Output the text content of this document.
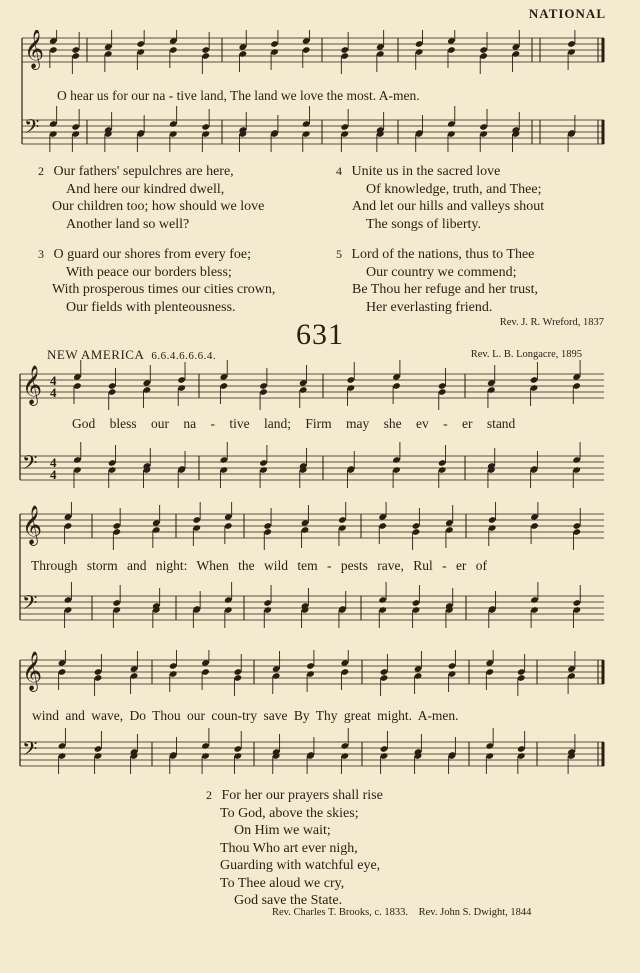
NATIONAL
𝄞
𝄢
O hear us for our na - tive land, The land we love the most. A-men.
2 Our fathers' sepulchres are here,
And here our kindred dwell,
Our children too; how should we love
Another land so well?
3 O guard our shores from every foe;
With peace our borders bless;
With prosperous times our cities crown,
Our fields with plenteousness.
4 Unite us in the sacred love
Of knowledge, truth, and Thee;
And let our hills and valleys shout
The songs of liberty.
5 Lord of the nations, thus to Thee
Our country we commend;
Be Thou her refuge and her trust,
Her everlasting friend.
Rev. J. R. Wreford, 1837
631
NEW AMERICA 6.6.4.6.6.6.4.	Rev. L. B. Longacre, 1895
𝄞
𝄢
4
4
4
4
God bless our na - tive land; Firm may she ev - er stand
𝄞
𝄢
Through storm and night: When the wild tem - pests rave, Rul - er of
𝄞
𝄢
wind and wave, Do Thou our coun-try save By Thy great might. A-men.
2 For her our prayers shall rise
To God, above the skies;
On Him we wait;
Thou Who art ever nigh,
Guarding with watchful eye,
To Thee aloud we cry,
God save the State.
Rev. Charles T. Brooks, c. 1833. Rev. John S. Dwight, 1844
